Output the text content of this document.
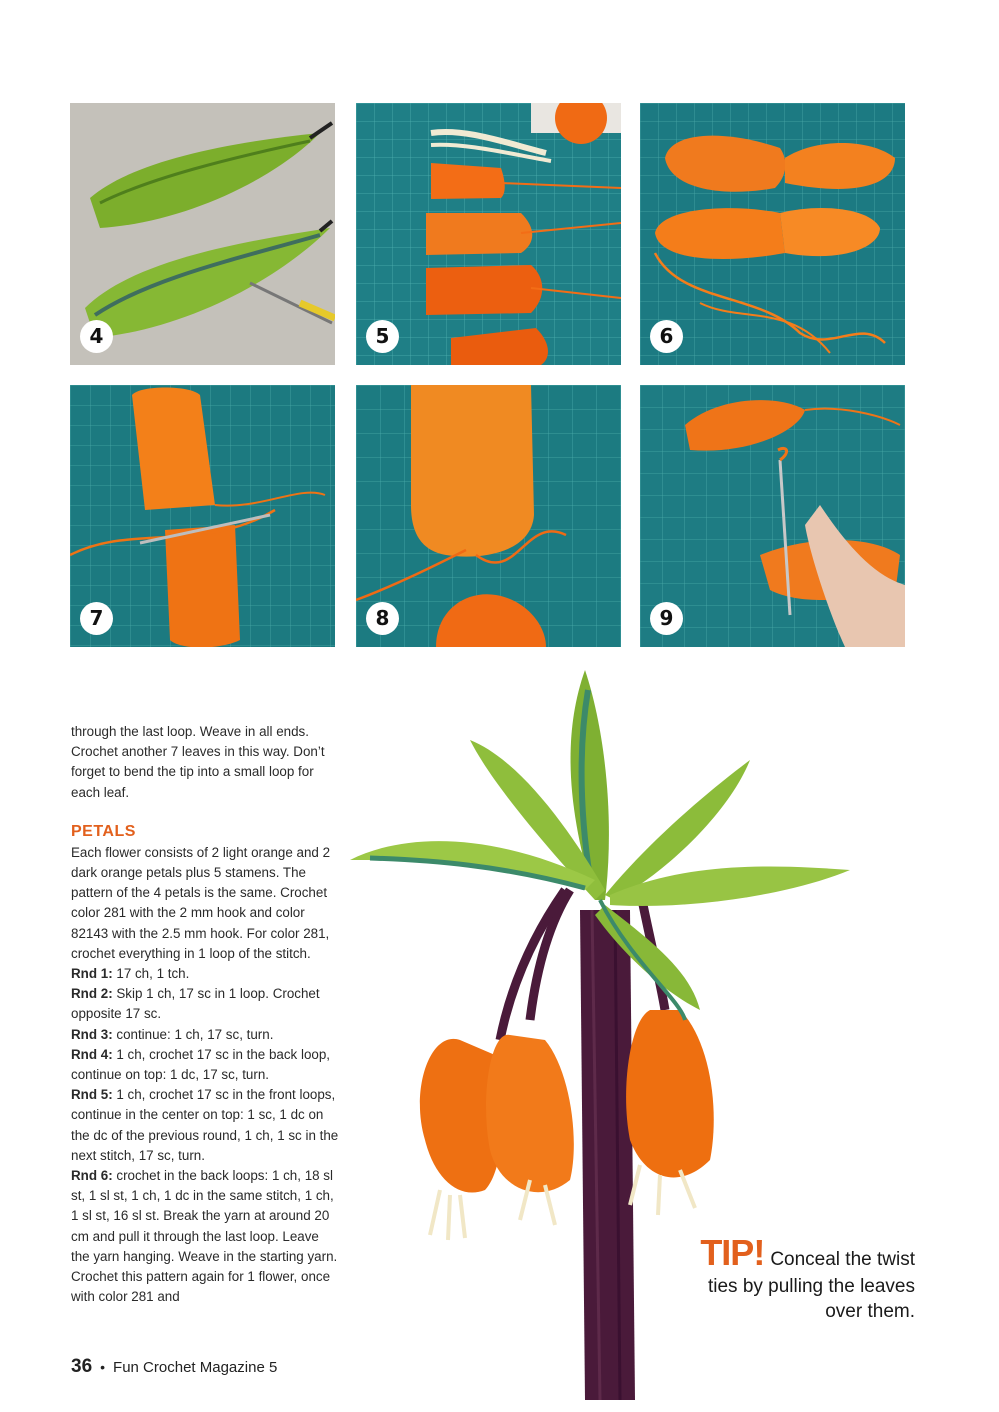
4	5	6
7	8	9

through the last loop. Weave in all ends. Crochet another 7 leaves in this way. Don’t forget to bend the tip into a small loop for each leaf.

PETALS

Each flower consists of 2 light orange and 2 dark orange petals plus 5 stamens. The pattern of the 4 petals is the same. Crochet color 281 with the 2 mm hook and color 82143 with the 2.5 mm hook. For color 281, crochet everything in 1 loop of the stitch.

Rnd 1: 17 ch, 1 tch.

Rnd 2: Skip 1 ch, 17 sc in 1 loop. Crochet opposite 17 sc.

Rnd 3: continue: 1 ch, 17 sc, turn.

Rnd 4: 1 ch, crochet 17 sc in the back loop, continue on top: 1 dc, 17 sc, turn.

Rnd 5: 1 ch, crochet 17 sc in the front loops, continue in the center on top: 1 sc, 1 dc on the dc of the previous round, 1 ch, 1 sc in the next stitch, 17 sc, turn.

Rnd 6: crochet in the back loops: 1 ch, 18 sl st, 1 sl st, 1 ch, 1 dc in the same stitch, 1 ch, 1 sl st, 16 sl st. Break the yarn at around 20 cm and pull it through the last loop. Leave the yarn hanging. Weave in the starting yarn. Crochet this pattern again for 1 flower, once with color 281 and

TIP! Conceal the twist
ties by pulling the leaves
over them.
36 • Fun Crochet Magazine 5
